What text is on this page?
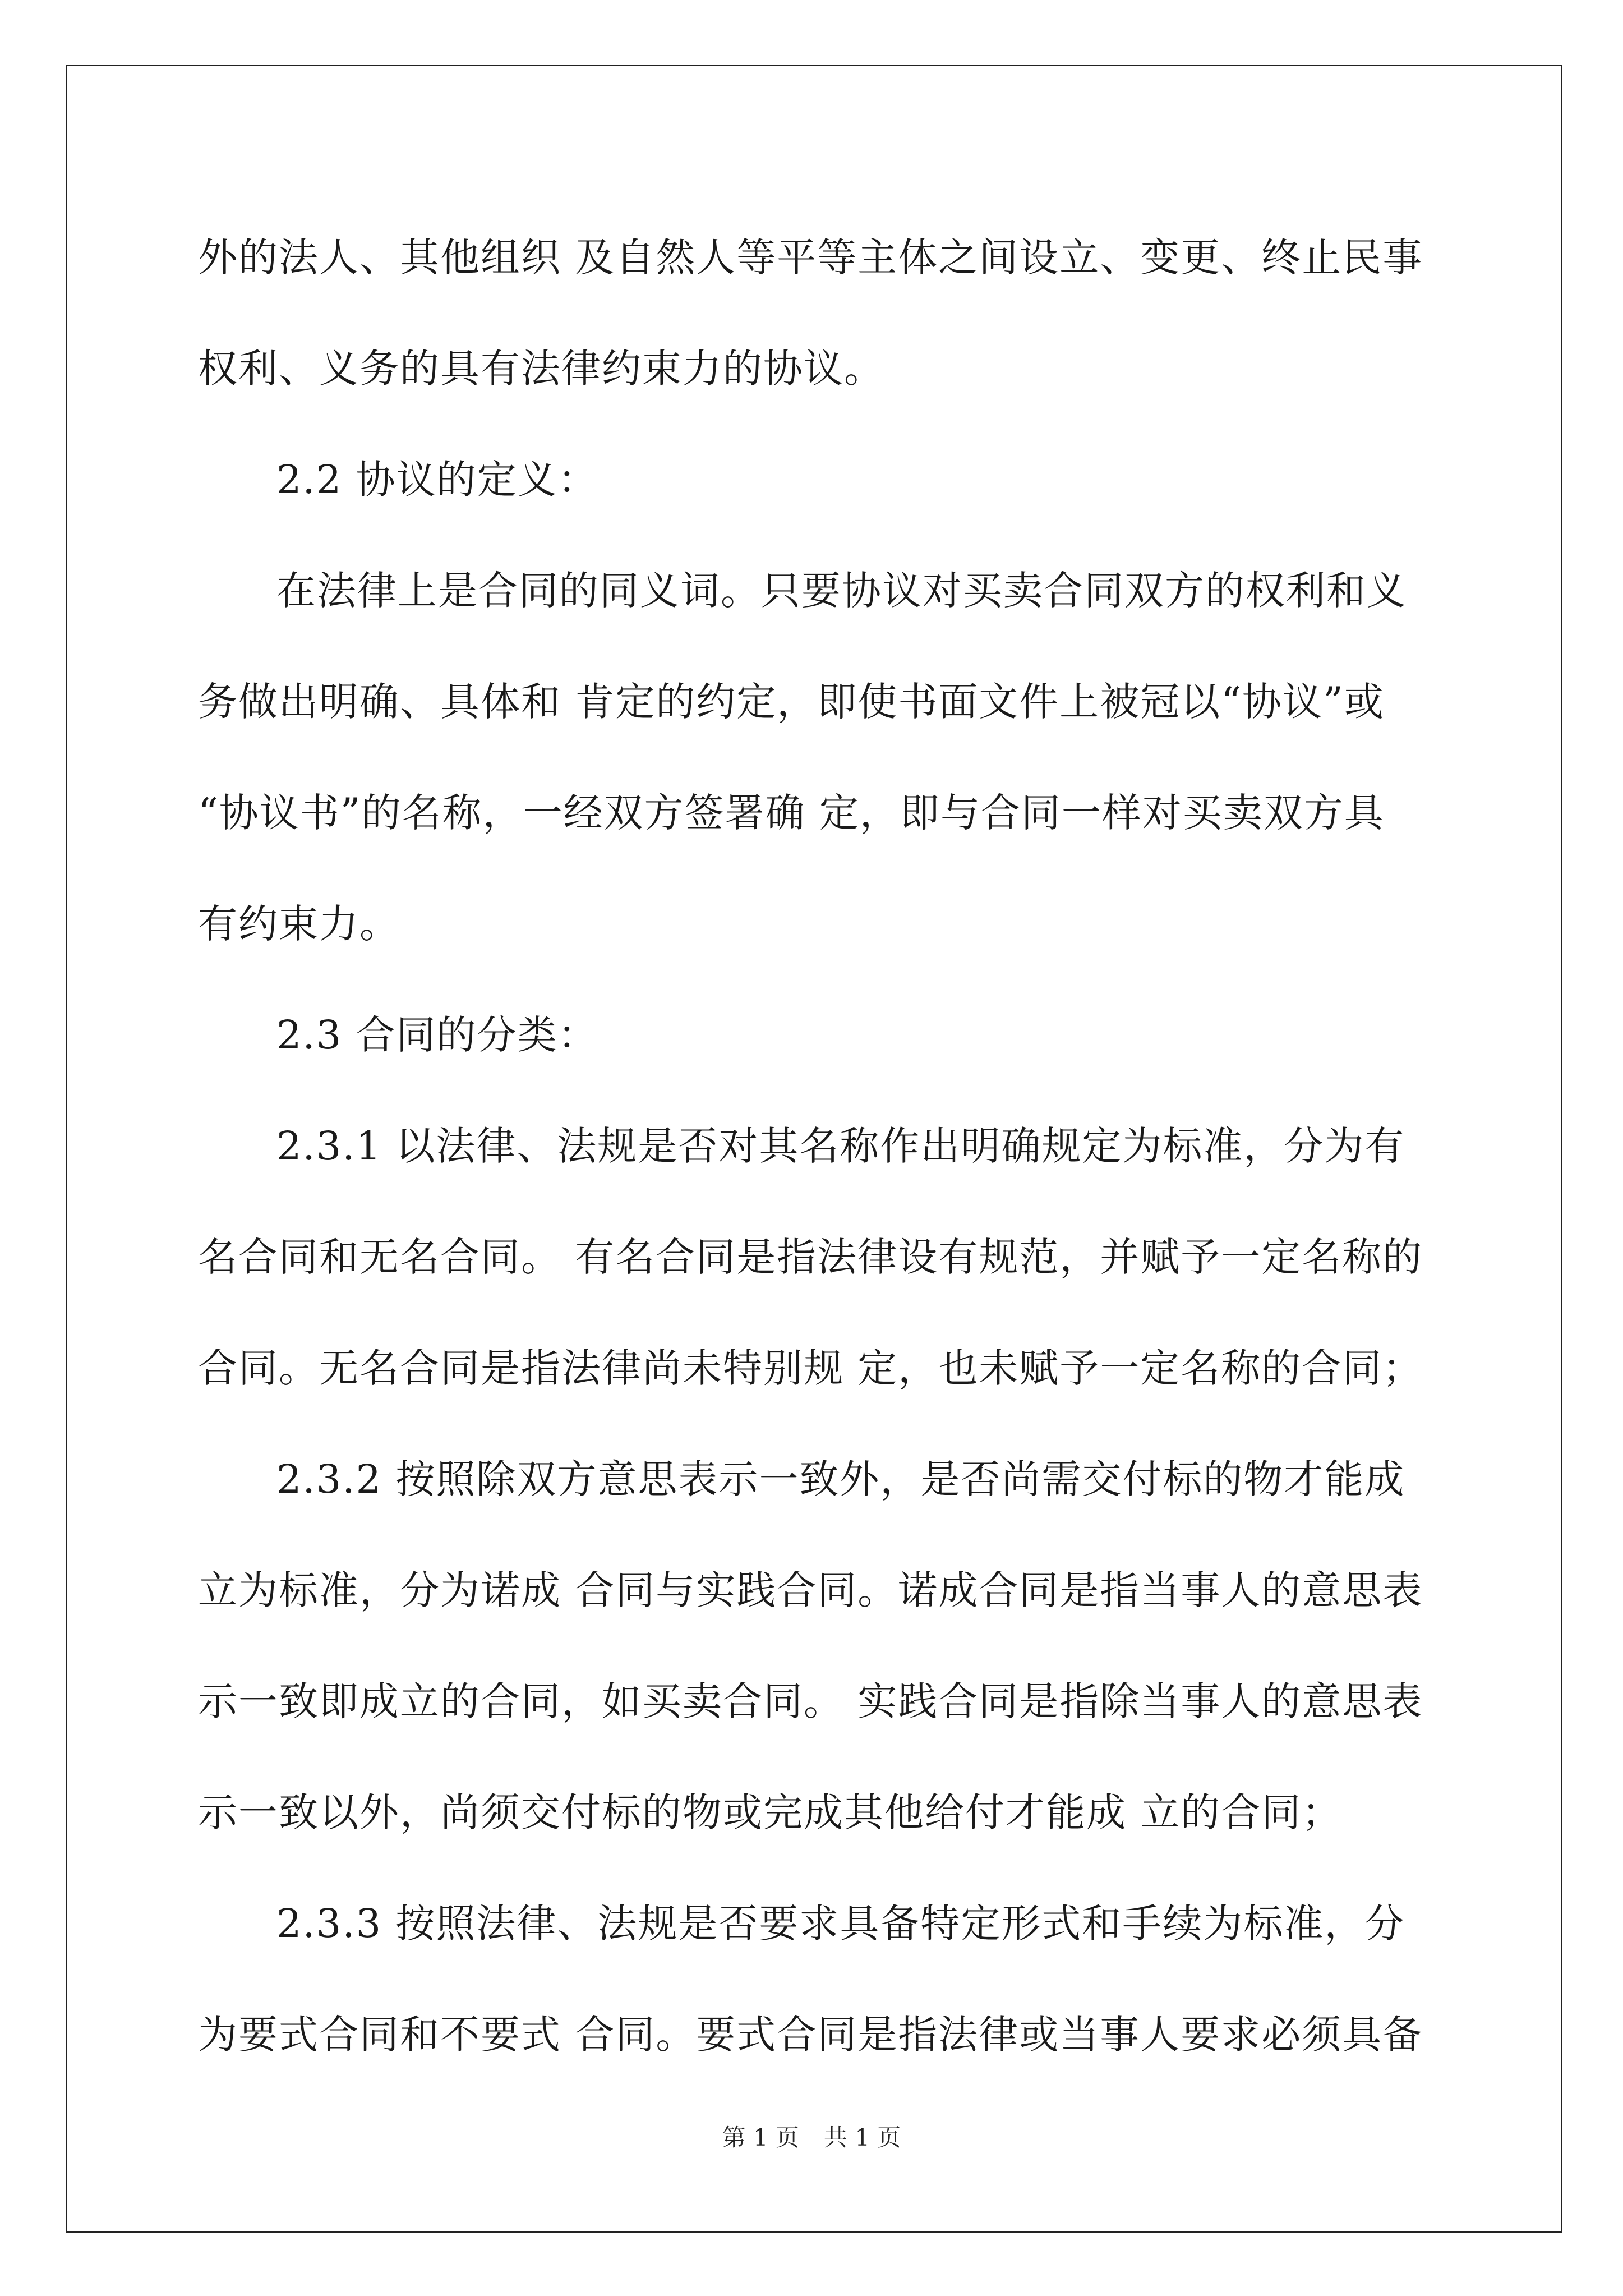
外的法人、其他组织 及自然人等平等主体之间设立、变更、终止民事

权利、义务的具有法律约束力的协议。

2.2 协议的定义：

在法律上是合同的同义词。只要协议对买卖合同双方的权利和义

务做出明确、具体和 肯定的约定，即使书面文件上被冠以“协议”或

“协议书”的名称，一经双方签署确 定，即与合同一样对买卖双方具

有约束力。

2.3 合同的分类：

2.3.1 以法律、法规是否对其名称作出明确规定为标准，分为有

名合同和无名合同。 有名合同是指法律设有规范，并赋予一定名称的

合同。无名合同是指法律尚未特别规 定，也未赋予一定名称的合同；

2.3.2 按照除双方意思表示一致外，是否尚需交付标的物才能成

立为标准，分为诺成 合同与实践合同。诺成合同是指当事人的意思表

示一致即成立的合同，如买卖合同。 实践合同是指除当事人的意思表

示一致以外，尚须交付标的物或完成其他给付才能成 立的合同；

2.3.3 按照法律、法规是否要求具备特定形式和手续为标准，分

为要式合同和不要式 合同。要式合同是指法律或当事人要求必须具备

第 1 页 共 1 页
